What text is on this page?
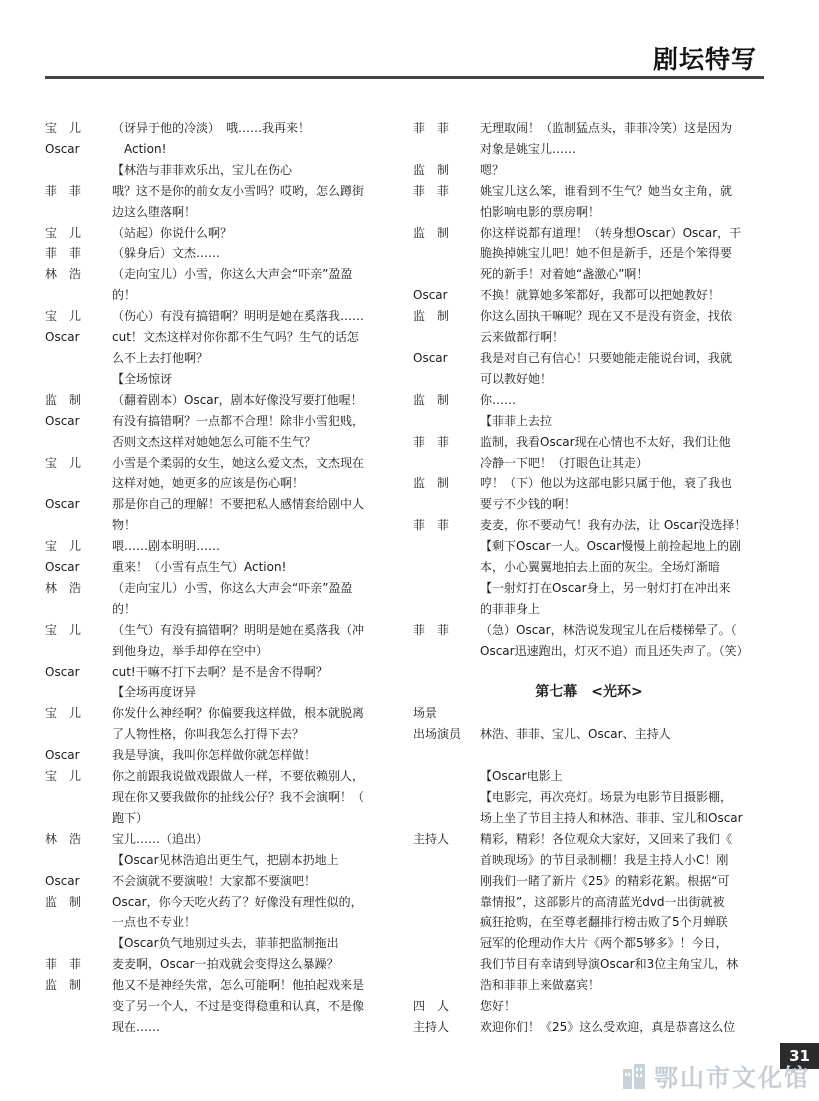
剧坛特写
宝　儿	（讶异于他的冷淡）　哦……我再来！
Oscar	　Action!
【林浩与菲菲欢乐出，宝儿在伤心
菲　菲	哦？这不是你的前女友小雪吗？哎哟，怎么蹲街
边这么堕落啊！
宝　儿	（站起）你说什么啊？
菲　菲	（躲身后）文杰……
林　浩	（走向宝儿）小雪，你这么大声会“吓亲”盈盈
的！
宝　儿	（伤心）有没有搞错啊？明明是她在奚落我……
Oscar	cut！文杰这样对你你都不生气吗？生气的话怎
么不上去打他啊？
【全场惊讶
监　制	（翻着剧本）Oscar，剧本好像没写要打他喔！
Oscar	有没有搞错啊？一点都不合理！除非小雪犯贱，
否则文杰这样对她她怎么可能不生气？
宝　儿	小雪是个柔弱的女生，她这么爱文杰，文杰现在
这样对她，她更多的应该是伤心啊！
Oscar	那是你自己的理解！不要把私人感情套给剧中人
物！
宝　儿	喂……剧本明明……
Oscar	重来！（小雪有点生气）Action!
林　浩	（走向宝儿）小雪，你这么大声会“吓亲”盈盈
的！
宝　儿	（生气）有没有搞错啊？明明是她在奚落我（冲
到他身边，举手却停在空中）
Oscar	cut!干嘛不打下去啊？是不是舍不得啊？
【全场再度讶异
宝　儿	你发什么神经啊？你偏要我这样做，根本就脱离
了人物性格，你叫我怎么打得下去？
Oscar	我是导演，我叫你怎样做你就怎样做！
宝　儿	你之前跟我说做戏跟做人一样，不要依赖别人，
现在你又要我做你的扯线公仔？我不会演啊！（
跑下）
林　浩	宝儿……（追出）
【Oscar见林浩追出更生气，把剧本扔地上
Oscar	不会演就不要演啦！大家都不要演吧！
监　制	Oscar，你今天吃火药了？好像没有理性似的，
一点也不专业！
【Oscar负气地别过头去，菲菲把监制拖出
菲　菲	麦麦啊，Oscar一拍戏就会变得这么暴躁？
监　制	他又不是神经失常，怎么可能啊！他拍起戏来是
变了另一个人，不过是变得稳重和认真，不是像
现在……
菲　菲	无理取闹！（监制猛点头，菲菲冷笑）这是因为
对象是姚宝儿……
监　制	嗯？
菲　菲	姚宝儿这么笨，谁看到不生气？她当女主角，就
怕影响电影的票房啊！
监　制	你这样说都有道理！（转身想Oscar）Oscar，干
脆换掉姚宝儿吧！她不但是新手，还是个笨得要
死的新手！对着她“盏激心”啊！
Oscar	不换！就算她多笨都好，我都可以把她教好！
监　制	你这么固执干嘛呢？现在又不是没有资金，找依
云来做都行啊！
Oscar	我是对自己有信心！只要她能走能说台词，我就
可以教好她！
监　制	你……
【菲菲上去拉
菲　菲	监制，我看Oscar现在心情也不太好，我们让他
冷静一下吧！（打眼色让其走）
监　制	哼！（下）他以为这部电影只属于他，衰了我也
要亏不少钱的啊！
菲　菲	麦麦，你不要动气！我有办法，让 Oscar没选择！
【剩下Oscar一人。Oscar慢慢上前捡起地上的剧
本，小心翼翼地拍去上面的灰尘。全场灯渐暗
【一射灯打在Oscar身上，另一射灯打在冲出来
的菲菲身上
菲　菲	（急）Oscar，林浩说发现宝儿在后楼梯晕了。（
Oscar迅速跑出，灯灭不追）而且还失声了。（笑）
第七幕　<光环>
场景
出场演员	林浩、菲菲、宝儿、Oscar、主持人
【Oscar电影上
【电影完，再次亮灯。场景为电影节目摄影棚，
场上坐了节目主持人和林浩、菲菲、宝儿和Oscar
主持人	精彩，精彩！各位观众大家好，又回来了我们《
首映现场》的节目录制棚！我是主持人小C！刚
刚我们一睹了新片《25》的精彩花絮。根据“可
靠情报”，这部影片的高清蓝光dvd一出街就被
疯狂抢购，在至尊老翻排行榜击败了5个月蝉联
冠军的伦理动作大片《两个都5够多》！今日，
我们节目有幸请到导演Oscar和3位主角宝儿，林
浩和菲菲上来做嘉宾！
四　人	您好！
主持人	欢迎你们！《25》这么受欢迎，真是恭喜这么位
31
鄂山市文化馆
